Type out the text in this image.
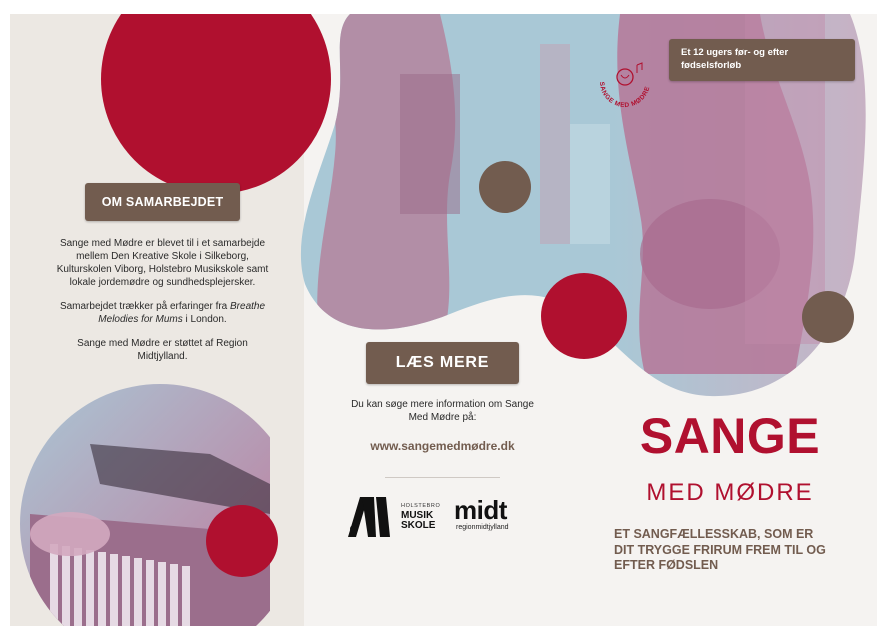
OM SAMARBEJDET

Sange med Mødre er blevet til i et samarbejde mellem Den Kreative Skole i Silkeborg, Kulturskolen Viborg, Holstebro Musikskole samt lokale jordemødre og sundhedsplejersker.

Samarbejdet trækker på erfaringer fra Breathe Melodies for Mums i London.

Sange med Mødre er støttet af Region Midtjylland.	LÆS MERE
Du kan søge mere information om Sange Med Mødre på:
www.sangemedmødre.dk
HOLSTEBRO
MUSIK
SKOLE
midt
regionmidtjylland
Et 12 ugers før- og efter
fødselsforløb
SANGE MED MØDRE
SANGE
MED MØDRE
ET SANGFÆLLESSKAB, SOM ER
DIT TRYGGE FRIRUM FREM TIL OG
EFTER FØDSLEN
